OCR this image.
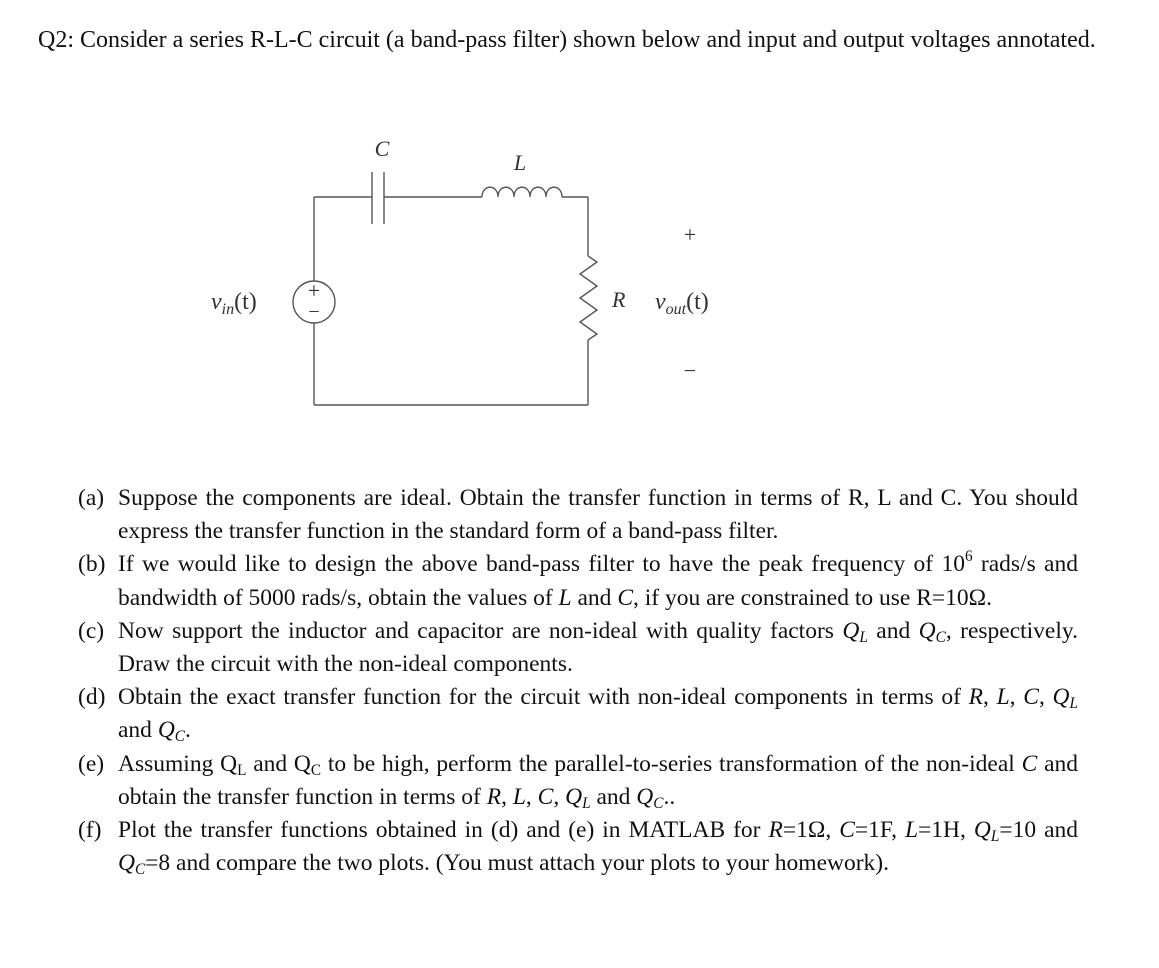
Q2: Consider a series R-L-C circuit (a band-pass filter) shown below and input and output voltages annotated.
+
−
C
L
R
+
−
$v_{in}(t)$	$v_{out}(t)$
(a) Suppose the components are ideal. Obtain the transfer function in terms of R, L and C. You should express the transfer function in the standard form of a band-pass filter.
(b) If we would like to design the above band-pass filter to have the peak frequency of $10^6$ rads/s and bandwidth of 5000 rads/s, obtain the values of L and C, if you are constrained to use R=10Ω.
(c) Now support the inductor and capacitor are non-ideal with quality factors $Q_L$ and $Q_C$, respectively. Draw the circuit with the non-ideal components.
(d) Obtain the exact transfer function for the circuit with non-ideal components in terms of R, L, C, $Q_L$ and $Q_C$.
(e) Assuming $Q_L$ and $Q_C$ to be high, perform the parallel-to-series transformation of the non-ideal C and obtain the transfer function in terms of R, L, C, $Q_L$ and $Q_C$..
(f) Plot the transfer functions obtained in (d) and (e) in MATLAB for R=1Ω, C=1F, L=1H, $Q_L=10$ and $Q_C=8$ and compare the two plots. (You must attach your plots to your homework).
